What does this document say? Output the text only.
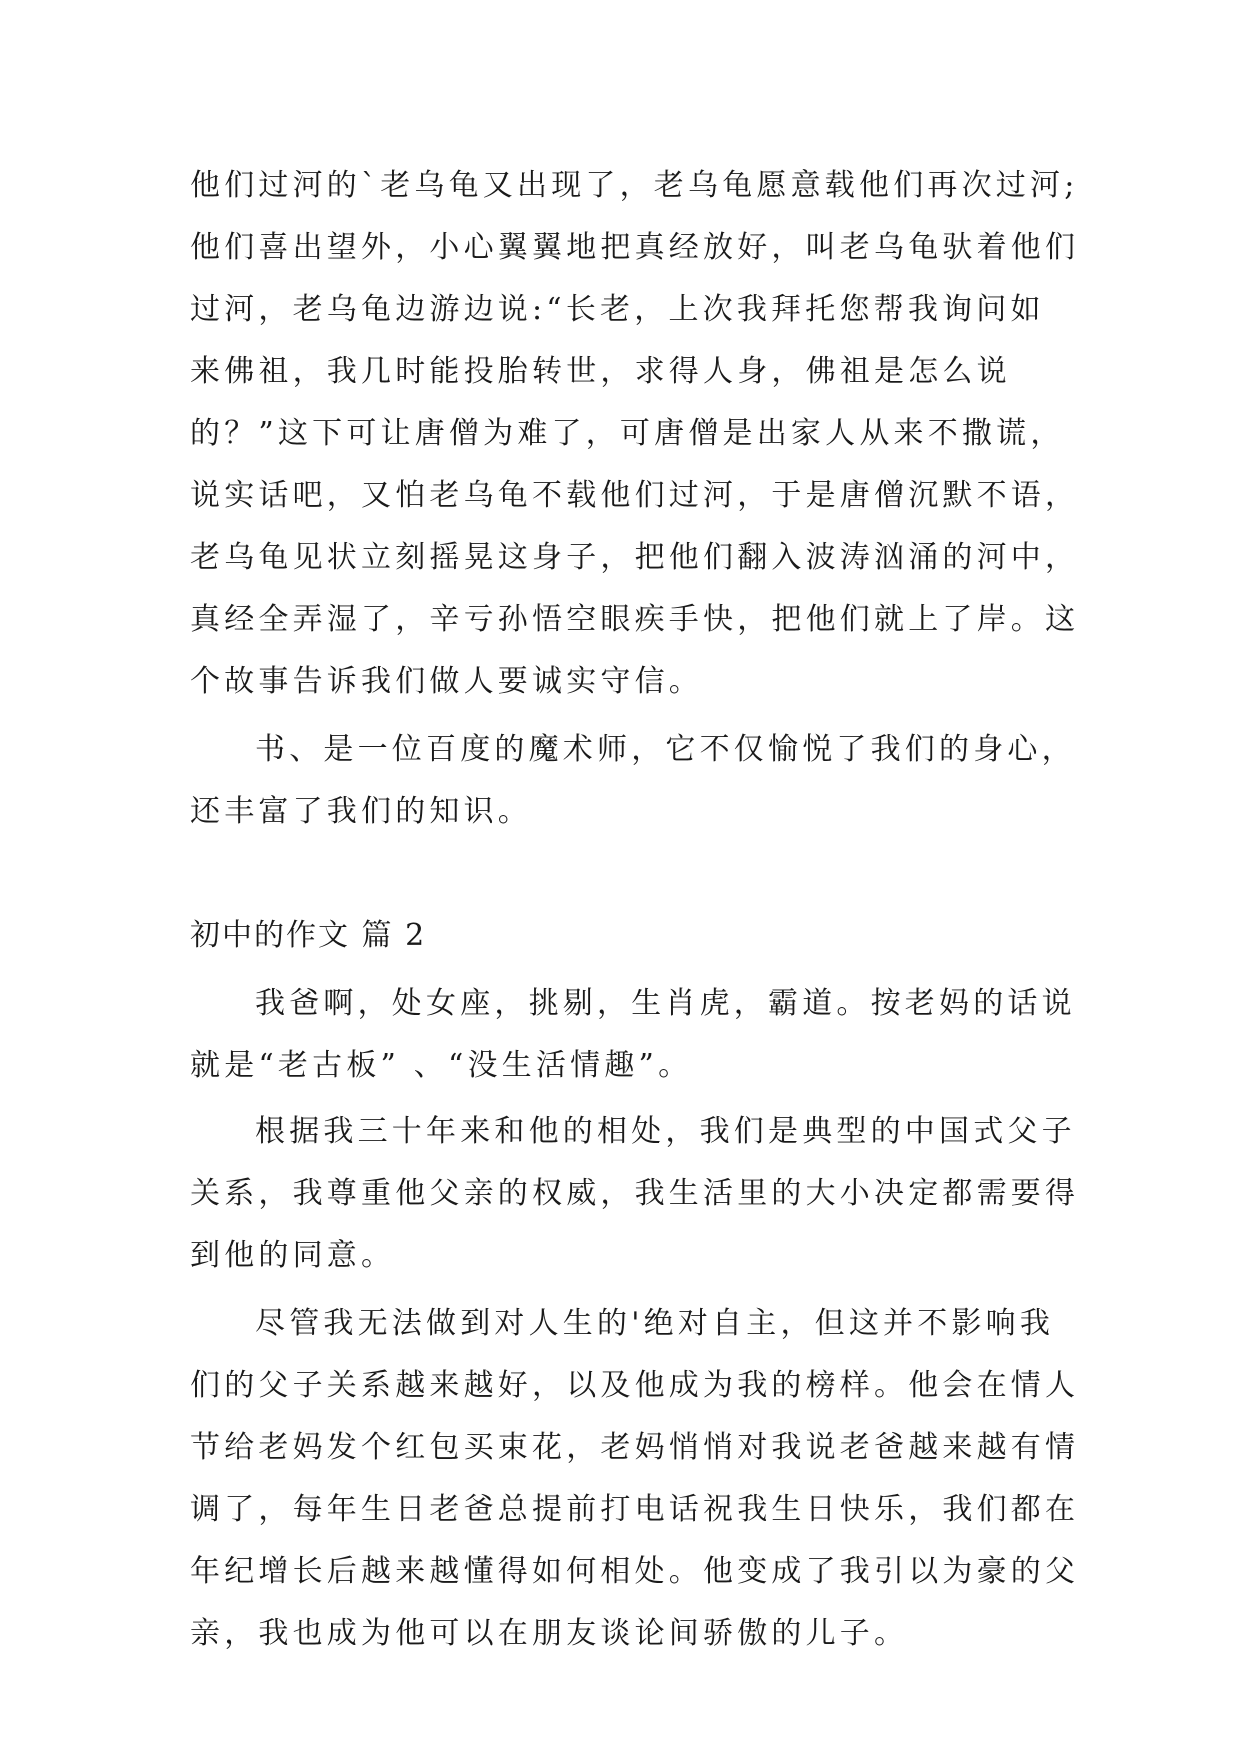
他们过河的`老乌龟又出现了，老乌龟愿意载他们再次过河;
他们喜出望外，小心翼翼地把真经放好，叫老乌龟驮着他们
过河，老乌龟边游边说:“长老，上次我拜托您帮我询问如
来佛祖，我几时能投胎转世，求得人身，佛祖是怎么说
的？”这下可让唐僧为难了，可唐僧是出家人从来不撒谎，
说实话吧，又怕老乌龟不载他们过河，于是唐僧沉默不语，
老乌龟见状立刻摇晃这身子，把他们翻入波涛汹涌的河中，
真经全弄湿了，辛亏孙悟空眼疾手快，把他们就上了岸。这
个故事告诉我们做人要诚实守信。
书、是一位百度的魔术师，它不仅愉悦了我们的身心，
还丰富了我们的知识。
初中的作文 篇 2
我爸啊，处女座，挑剔，生肖虎，霸道。按老妈的话说
就是“老古板” 、“没生活情趣”。
根据我三十年来和他的相处，我们是典型的中国式父子
关系，我尊重他父亲的权威，我生活里的大小决定都需要得
到他的同意。
尽管我无法做到对人生的'绝对自主，但这并不影响我
们的父子关系越来越好，以及他成为我的榜样。他会在情人
节给老妈发个红包买束花，老妈悄悄对我说老爸越来越有情
调了，每年生日老爸总提前打电话祝我生日快乐，我们都在
年纪增长后越来越懂得如何相处。他变成了我引以为豪的父
亲，我也成为他可以在朋友谈论间骄傲的儿子。
